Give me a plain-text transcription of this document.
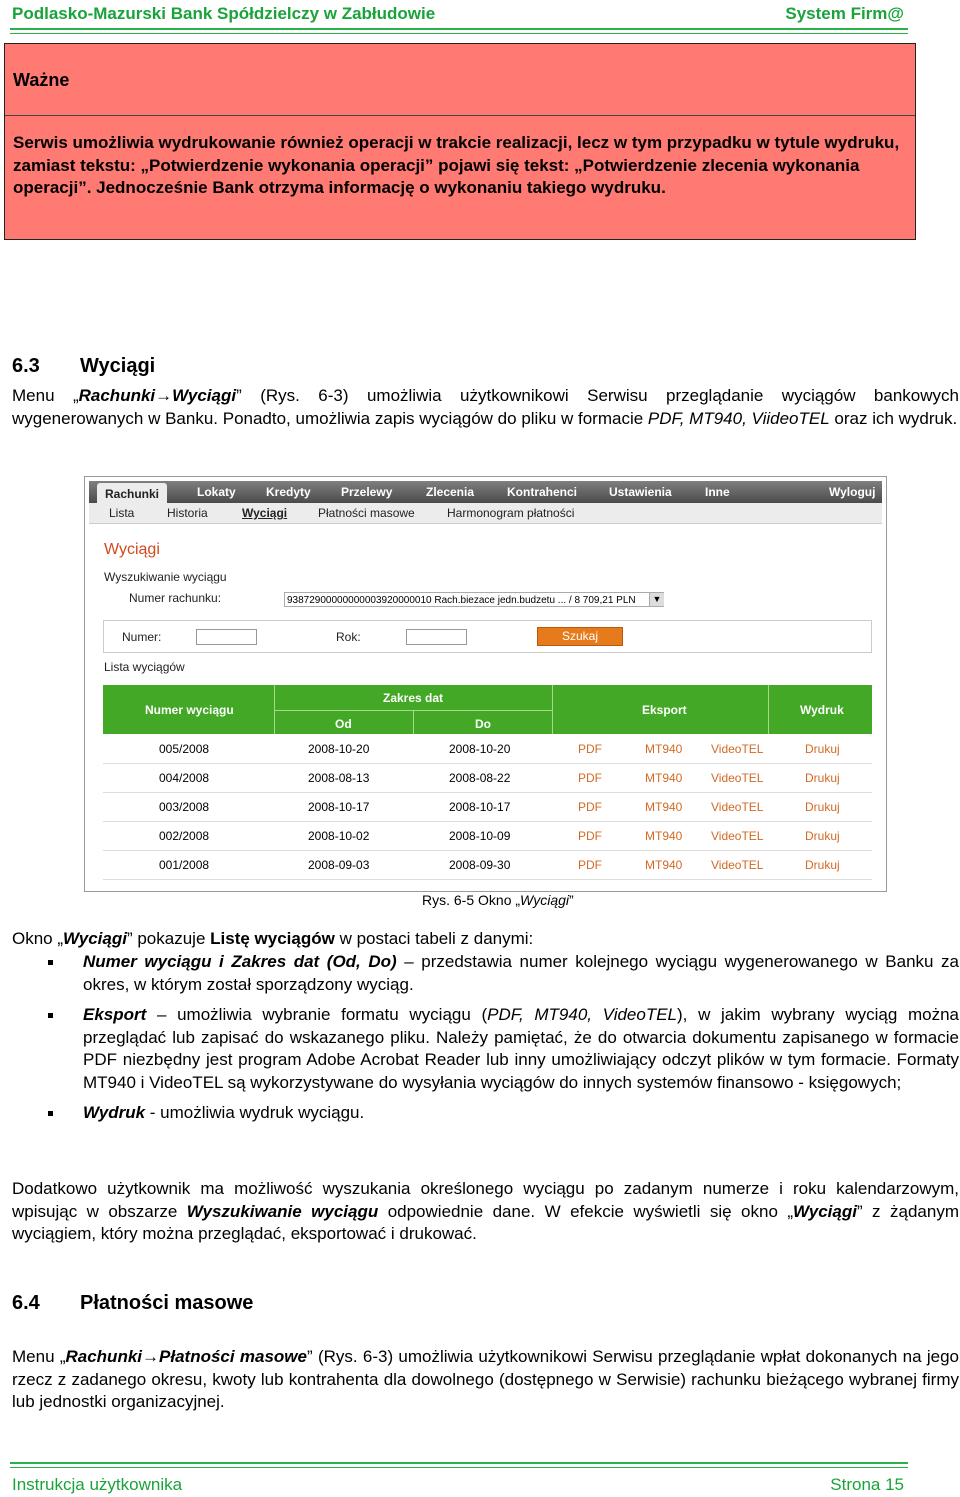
Podlasko-Mazurski Bank Spółdzielczy w Zabłudowie	System Firm@
Ważne
Serwis umożliwia wydrukowanie również operacji w trakcie realizacji, lecz w tym przypadku w tytule wydruku, zamiast tekstu: „Potwierdzenie wykonania operacji” pojawi się tekst: „Potwierdzenie zlecenia wykonania operacji”. Jednocześnie Bank otrzyma informację o wykonaniu takiego wydruku.
6.3 Wyciągi
Menu „Rachunki→Wyciągi” (Rys. 6-3) umożliwia użytkownikowi Serwisu przeglądanie wyciągów bankowych wygenerowanych w Banku. Ponadto, umożliwia zapis wyciągów do pliku w formacie PDF, MT940, ViideoTEL oraz ich wydruk.
Rachunki	Lokaty	Kredyty	Przelewy	Zlecenia	Kontrahenci	Ustawienia	Inne	Wyloguj
Lista	Historia	Wyciągi	Płatności masowe	Harmonogram płatności
Wyciągi
Wyszukiwanie wyciągu
Numer rachunku:	93872900000000003920000010 Rach.biezace jedn.budzetu ... / 8 709,21 PLN	▼
Numer:	Rok:	Szukaj
Lista wyciągów
Numer wyciągu
Zakres dat
Od	Do
Eksport	Wydruk
005/2008	2008-10-20	2008-10-20	PDF	MT940 VideoTEL	Drukuj
004/2008	2008-08-13	2008-08-22	PDF	MT940 VideoTEL	Drukuj
003/2008	2008-10-17	2008-10-17	PDF	MT940 VideoTEL	Drukuj
002/2008	2008-10-02	2008-10-09	PDF	MT940 VideoTEL	Drukuj
001/2008	2008-09-03	2008-09-30	PDF	MT940 VideoTEL	Drukuj
Rys. 6-5 Okno „Wyciągi”
Okno „Wyciągi” pokazuje Listę wyciągów w postaci tabeli z danymi:
Numer wyciągu i Zakres dat (Od, Do) – przedstawia numer kolejnego wyciągu wygenerowanego w Banku za okres, w którym został sporządzony wyciąg.
Eksport – umożliwia wybranie formatu wyciągu (PDF, MT940, VideoTEL), w jakim wybrany wyciąg można przeglądać lub zapisać do wskazanego pliku. Należy pamiętać, że do otwarcia dokumentu zapisanego w formacie PDF niezbędny jest program Adobe Acrobat Reader lub inny umożliwiający odczyt plików w tym formacie. Formaty MT940 i VideoTEL są wykorzystywane do wysyłania wyciągów do innych systemów finansowo - księgowych;
Wydruk - umożliwia wydruk wyciągu.
Dodatkowo użytkownik ma możliwość wyszukania określonego wyciągu po zadanym numerze i roku kalendarzowym, wpisując w obszarze Wyszukiwanie wyciągu odpowiednie dane. W efekcie wyświetli się okno „Wyciągi” z żądanym wyciągiem, który można przeglądać, eksportować i drukować.
6.4 Płatności masowe
Menu „Rachunki→Płatności masowe” (Rys. 6-3) umożliwia użytkownikowi Serwisu przeglądanie wpłat dokonanych na jego rzecz z zadanego okresu, kwoty lub kontrahenta dla dowolnego (dostępnego w Serwisie) rachunku bieżącego wybranej firmy lub jednostki organizacyjnej.
Instrukcja użytkownika	Strona 15
